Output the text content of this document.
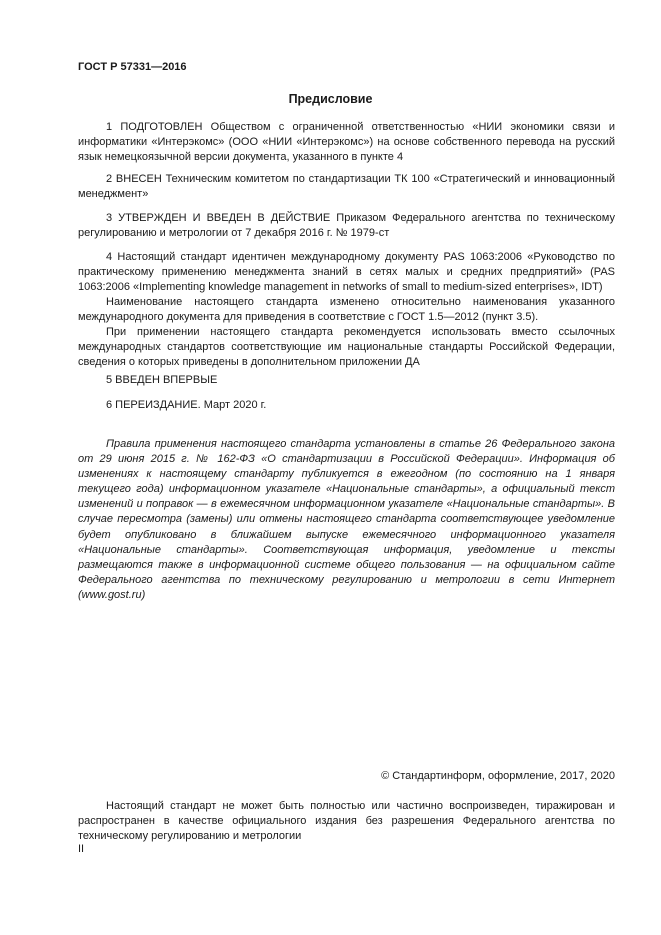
ГОСТ Р 57331—2016
Предисловие

1 ПОДГОТОВЛЕН Обществом с ограниченной ответственностью «НИИ экономики связи и информатики «Интерэкомс» (ООО «НИИ «Интерэкомс») на основе собственного перевода на русский язык немецкоязычной версии документа, указанного в пункте 4

2 ВНЕСЕН Техническим комитетом по стандартизации ТК 100 «Стратегический и инновационный менеджмент»

3 УТВЕРЖДЕН И ВВЕДЕН В ДЕЙСТВИЕ Приказом Федерального агентства по техническому регулированию и метрологии от 7 декабря 2016 г. № 1979-ст

4 Настоящий стандарт идентичен международному документу PAS 1063:2006 «Руководство по практическому применению менеджмента знаний в сетях малых и средних предприятий» (PAS 1063:2006 «Implementing knowledge management in networks of small to medium-sized enterprises», IDT)

Наименование настоящего стандарта изменено относительно наименования указанного международного документа для приведения в соответствие с ГОСТ 1.5—2012 (пункт 3.5).

При применении настоящего стандарта рекомендуется использовать вместо ссылочных международных стандартов соответствующие им национальные стандарты Российской Федерации, сведения о которых приведены в дополнительном приложении ДА

5 ВВЕДЕН ВПЕРВЫЕ

6 ПЕРЕИЗДАНИЕ. Март 2020 г.

Правила применения настоящего стандарта установлены в статье 26 Федерального закона от 29 июня 2015 г. № 162-ФЗ «О стандартизации в Российской Федерации». Информация об изменениях к настоящему стандарту публикуется в ежегодном (по состоянию на 1 января текущего года) информационном указателе «Национальные стандарты», а официальный текст изменений и поправок — в ежемесячном информационном указателе «Национальные стандарты». В случае пересмотра (замены) или отмены настоящего стандарта соответствующее уведомление будет опубликовано в ближайшем выпуске ежемесячного информационного указателя «Национальные стандарты». Соответствующая информация, уведомление и тексты размещаются также в информационной системе общего пользования — на официальном сайте Федерального агентства по техническому регулированию и метрологии в сети Интернет (www.gost.ru)
© Стандартинформ, оформление, 2017, 2020
Настоящий стандарт не может быть полностью или частично воспроизведен, тиражирован и распространен в качестве официального издания без разрешения Федерального агентства по техническому регулированию и метрологии
II
